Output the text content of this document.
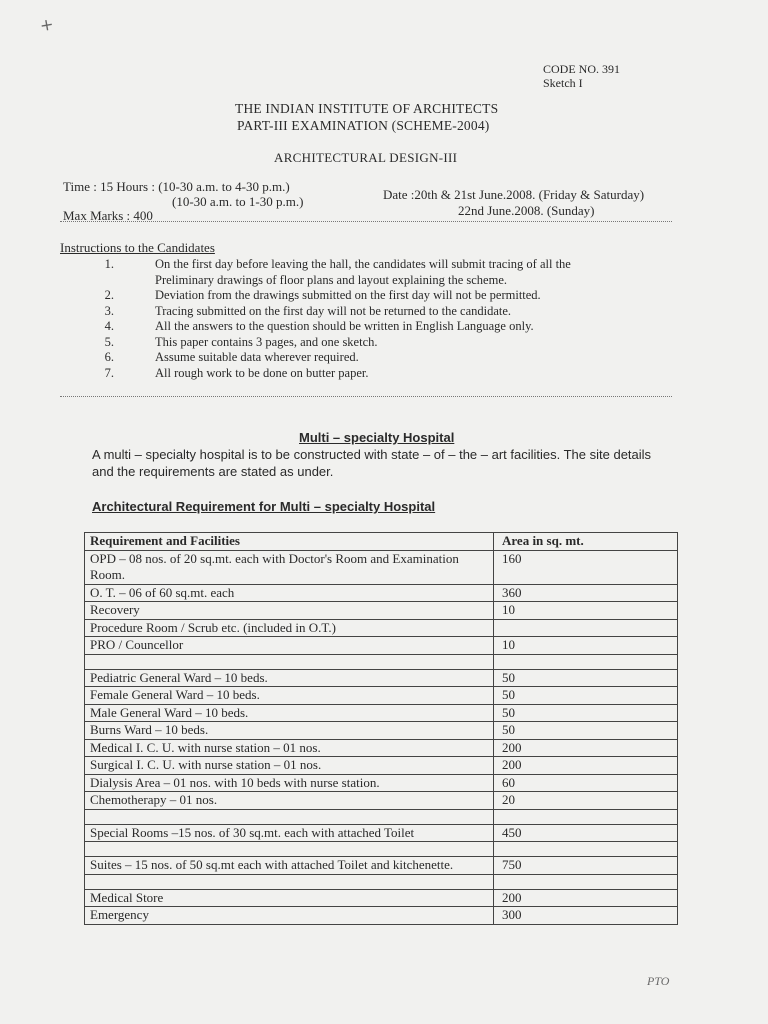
CODE NO. 391
Sketch I
THE INDIAN INSTITUTE OF ARCHITECTS
PART-III EXAMINATION (SCHEME-2004)
ARCHITECTURAL DESIGN-III
Time : 15 Hours : (10-30 a.m. to 4-30 p.m.)
(10-30 a.m. to 1-30 p.m.)
Max Marks : 400
Date :20th & 21st June.2008. (Friday & Saturday)
22nd June.2008. (Sunday)
Instructions to the Candidates
1.	On the first day before leaving the hall, the candidates will submit tracing of all the
Preliminary drawings of floor plans and layout explaining the scheme.
2.	Deviation from the drawings submitted on the first day will not be permitted.
3.	Tracing submitted on the first day will not be returned to the candidate.
4.	All the answers to the question should be written in English Language only.
5.	This paper contains 3 pages, and one sketch.
6.	Assume suitable data wherever required.
7.	All rough work to be done on butter paper.
Multi – specialty Hospital
A multi – specialty hospital is to be constructed with state – of – the – art facilities. The site details and the requirements are stated as under.
Architectural Requirement for Multi – specialty Hospital
Requirement and Facilities	Area in sq. mt.
OPD – 08 nos. of 20 sq.mt. each with Doctor's Room and Examination Room.	160
O. T. – 06 of 60 sq.mt. each	360
Recovery	10
Procedure Room / Scrub etc. (included in O.T.)	
PRO / Councellor	10

Pediatric General Ward – 10 beds.	50
Female General Ward – 10 beds.	50
Male General Ward – 10 beds.	50
Burns Ward – 10 beds.	50
Medical I. C. U. with nurse station – 01 nos.	200
Surgical I. C. U. with nurse station – 01 nos.	200
Dialysis Area – 01 nos. with 10 beds with nurse station.	60
Chemotherapy – 01 nos.	20

Special Rooms –15 nos. of 30 sq.mt. each with attached Toilet	450

Suites – 15 nos. of 50 sq.mt each with attached Toilet and kitchenette.	750

Medical Store	200
Emergency	300
PTO
✕
